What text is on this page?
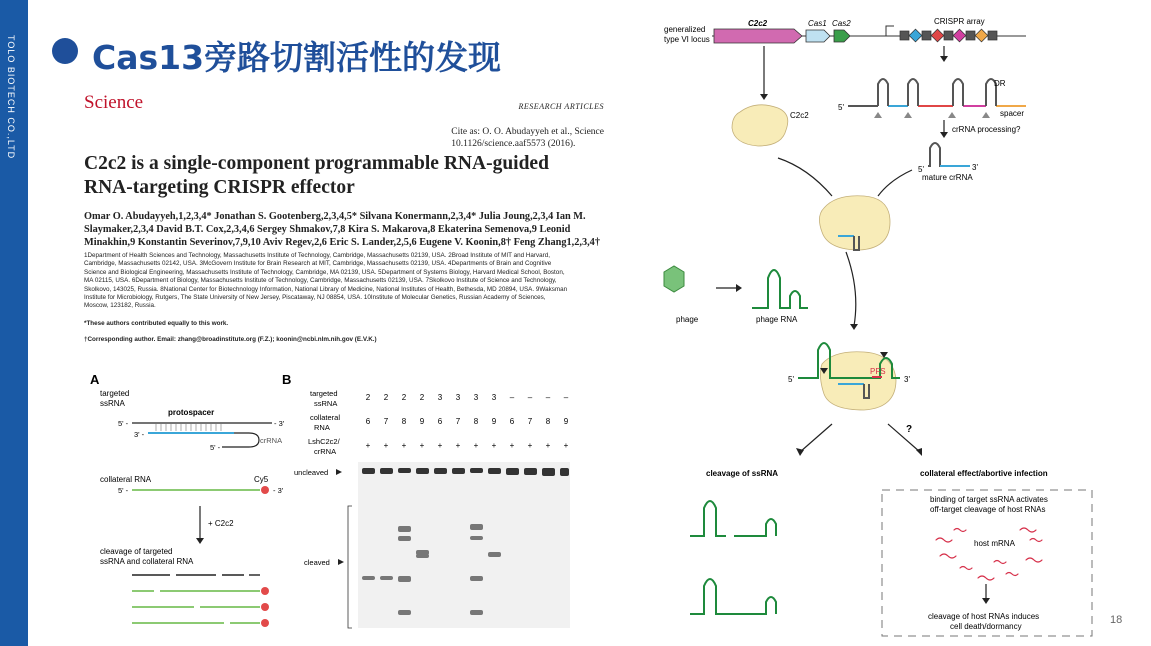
TOLO BIOTECH CO.,LTD Cas13旁路切割活性的发现
Science	RESEARCH ARTICLES
Cite as: O. O. Abudayyeh et al., Science
10.1126/science.aaf5573 (2016).
C2c2 is a single-component programmable RNA-guided
RNA-targeting CRISPR effector
Omar O. Abudayyeh,1,2,3,4* Jonathan S. Gootenberg,2,3,4,5* Silvana Konermann,2,3,4* Julia Joung,2,3,4 Ian M.
Slaymaker,2,3,4 David B.T. Cox,2,3,4,6 Sergey Shmakov,7,8 Kira S. Makarova,8 Ekaterina Semenova,9 Leonid
Minakhin,9 Konstantin Severinov,7,9,10 Aviv Regev,2,6 Eric S. Lander,2,5,6 Eugene V. Koonin,8† Feng Zhang1,2,3,4†
1Department of Health Sciences and Technology, Massachusetts Institute of Technology, Cambridge, Massachusetts 02139, USA. 2Broad Institute of MIT and Harvard,
Cambridge, Massachusetts 02142, USA. 3McGovern Institute for Brain Research at MIT, Cambridge, Massachusetts 02139, USA. 4Departments of Brain and Cognitive
Science and Biological Engineering, Massachusetts Institute of Technology, Cambridge, MA 02139, USA. 5Department of Systems Biology, Harvard Medical School, Boston,
MA 02115, USA. 6Department of Biology, Massachusetts Institute of Technology, Cambridge, Massachusetts 02139, USA. 7Skolkovo Institute of Science and Technology,
Skolkovo, 143025, Russia. 8National Center for Biotechnology Information, National Library of Medicine, National Institutes of Health, Bethesda, MD 20894, USA. 9Waksman
Institute for Microbiology, Rutgers, The State University of New Jersey, Piscataway, NJ 08854, USA. 10Institute of Molecular Genetics, Russian Academy of Sciences,
Moscow, 123182, Russia.
*These authors contributed equally to this work.
†Corresponding author. Email: zhang@broadinstitute.org (F.Z.); koonin@ncbi.nlm.nih.gov (E.V.K.)
A
targeted
ssRNA
protospacer
5' -	- 3'
3' -
5' -
crRNA
collateral RNA	Cy5
5' -	- 3'
+ C2c2
cleavage of targeted
ssRNA and collateral RNA
B
targeted
ssRNA
2 2 2 2 3 3 3 3 – – – –
collateral
RNA
6 7 8 9 6 7 8 9 6 7 8 9
LshC2c2/
crRNA
+ + + + + + + + + + + +
uncleaved
cleaved
generalized
type VI locus
C2c2	Cas1 Cas2	CRISPR array
C2c2
5'
DR
spacer
crRNA processing?
5'	3'
mature crRNA
phage	phage RNA
5'	3'
PFS
?
cleavage of ssRNA	collateral effect/abortive infection
binding of target ssRNA activates
off-target cleavage of host RNAs
host mRNA
cleavage of host RNAs induces
cell death/dormancy
18
